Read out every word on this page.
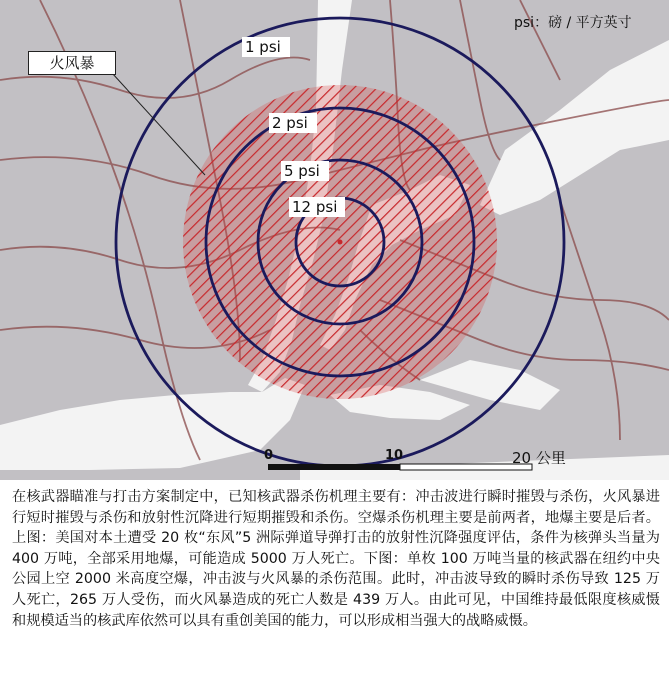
1 psi
2 psi
5 psi
12 psi
psi：磅 / 平方英寸
火风暴
0	10	20 公里
在核武器瞄准与打击方案制定中，已知核武器杀伤机理主要有：冲击波进行瞬时摧毁与杀伤，火风暴进行短时摧毁与杀伤和放射性沉降进行短期摧毁和杀伤。空爆杀伤机理主要是前两者，地爆主要是后者。上图：美国对本土遭受 20 枚“东风”5 洲际弹道导弹打击的放射性沉降强度评估，条件为核弹头当量为 400 万吨，全部采用地爆，可能造成 5000 万人死亡。下图：单枚 100 万吨当量的核武器在纽约中央公园上空 2000 米高度空爆，冲击波与火风暴的杀伤范围。此时，冲击波导致的瞬时杀伤导致 125 万人死亡，265 万人受伤，而火风暴造成的死亡人数是 439 万人。由此可见，中国维持最低限度核威慑和规模适当的核武库依然可以具有重创美国的能力，可以形成相当强大的战略威慑。
